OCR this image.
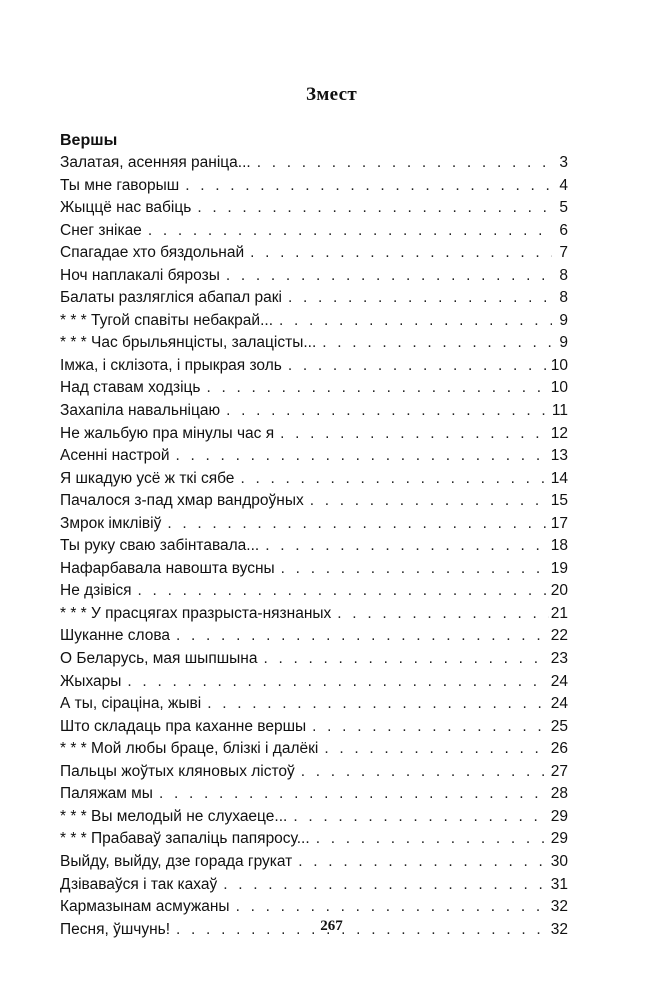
Змест
Вершы
Залатая, асенняя раніца... . . .	3
Ты мне гаворыш . . .	4
Жыццё нас вабіць . . .	5
Снег знікае . . .	6
Спагадае хто бяздольнай . . .	7
Ноч наплакалі бярозы . . .	8
Балаты разляглiся абапал рaкi . . .	8
* * * Тугой спавіты небакрай... . . .	9
* * * Час брыльянцісты, залацісты... . . .	9
Імжа, і склізота, і прыкрая золь . . .	10
Над ставам ходзіць . . .	10
Захапіла навальніцаю . . .	11
Не жальбую пра мінулы час я . . .	12
Асенні настрой . . .	13
Я шкадую усё ж ткі сябе . . .	14
Пачалося з-пад хмар вандроўных . . .	15
Змрок імклівіў . . .	17
Ты руку сваю забінтавала... . . .	18
Нафарбавала навошта вусны . . .	19
Не дзівіся . . .	20
* * * У прасцягах празрыста-нязнаных . . .	21
Шуканне слова . . .	22
О Беларусь, мая шыпшына . . .	23
Жыхары . . .	24
А ты, сіраціна, жыві . . .	24
Што складаць пра каханне вершы . . .	25
* * * Мой любы браце, блізкі і далёкі . . .	26
Пальцы жоўтых кляновых лістоў . . .	27
Паляжам мы . . .	28
* * * Вы мелодый не слухаеце... . . .	29
* * * Прабаваў запаліць папяросу... . . .	29
Выйду, выйду, дзе горада грукат . . .	30
Дзіваваўся і так кахаў . . .	31
Кармазынам асмужаны . . .	32
Песня, ўшчунь! . . .	32
267
